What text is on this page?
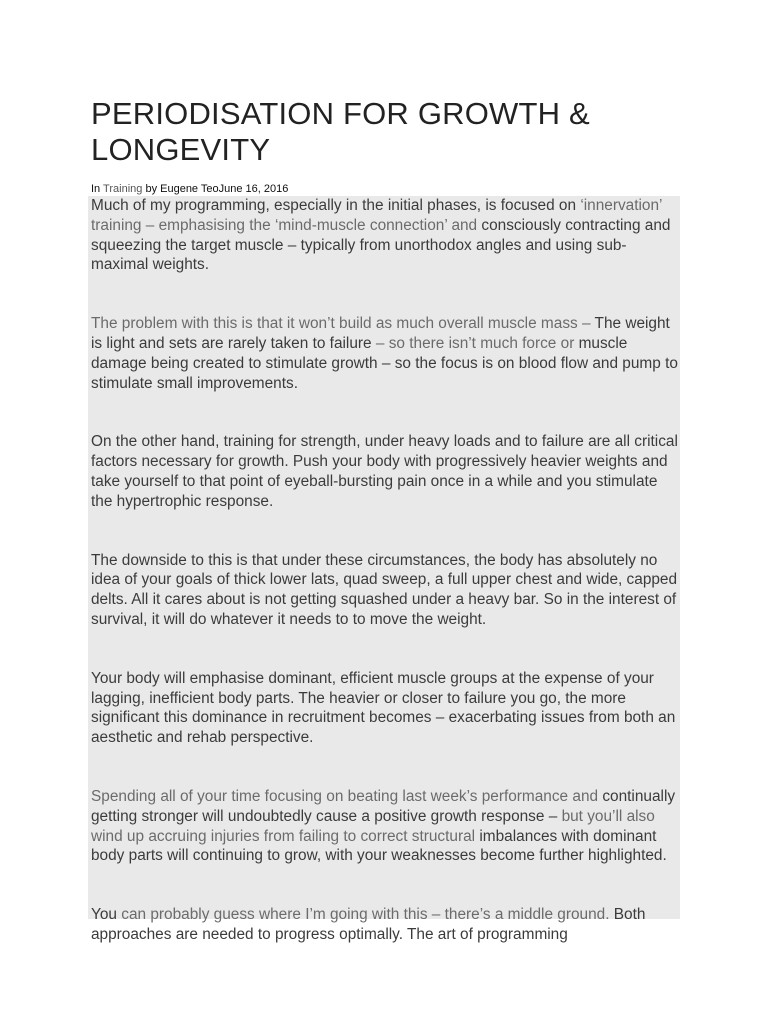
PERIODISATION FOR GROWTH & LONGEVITY
In Training by Eugene TeoJune 16, 2016

Much of my programming, especially in the initial phases, is focused on ‘innervation’ training – emphasising the ‘mind-muscle connection’ and consciously contracting and squeezing the target muscle – typically from unorthodox angles and using sub-maximal weights.

The problem with this is that it won’t build as much overall muscle mass – The weight is light and sets are rarely taken to failure – so there isn’t much force or muscle damage being created to stimulate growth – so the focus is on blood flow and pump to stimulate small improvements.

On the other hand, training for strength, under heavy loads and to failure are all critical factors necessary for growth. Push your body with progressively heavier weights and take yourself to that point of eyeball-bursting pain once in a while and you stimulate the hypertrophic response.

The downside to this is that under these circumstances, the body has absolutely no idea of your goals of thick lower lats, quad sweep, a full upper chest and wide, capped delts. All it cares about is not getting squashed under a heavy bar. So in the interest of survival, it will do whatever it needs to to move the weight.

Your body will emphasise dominant, efficient muscle groups at the expense of your lagging, inefficient body parts. The heavier or closer to failure you go, the more significant this dominance in recruitment becomes – exacerbating issues from both an aesthetic and rehab perspective.

Spending all of your time focusing on beating last week’s performance and continually getting stronger will undoubtedly cause a positive growth response – but you’ll also wind up accruing injuries from failing to correct structural imbalances with dominant body parts will continuing to grow, with your weaknesses become further highlighted.

You can probably guess where I’m going with this – there’s a middle ground. Both approaches are needed to progress optimally. The art of programming
